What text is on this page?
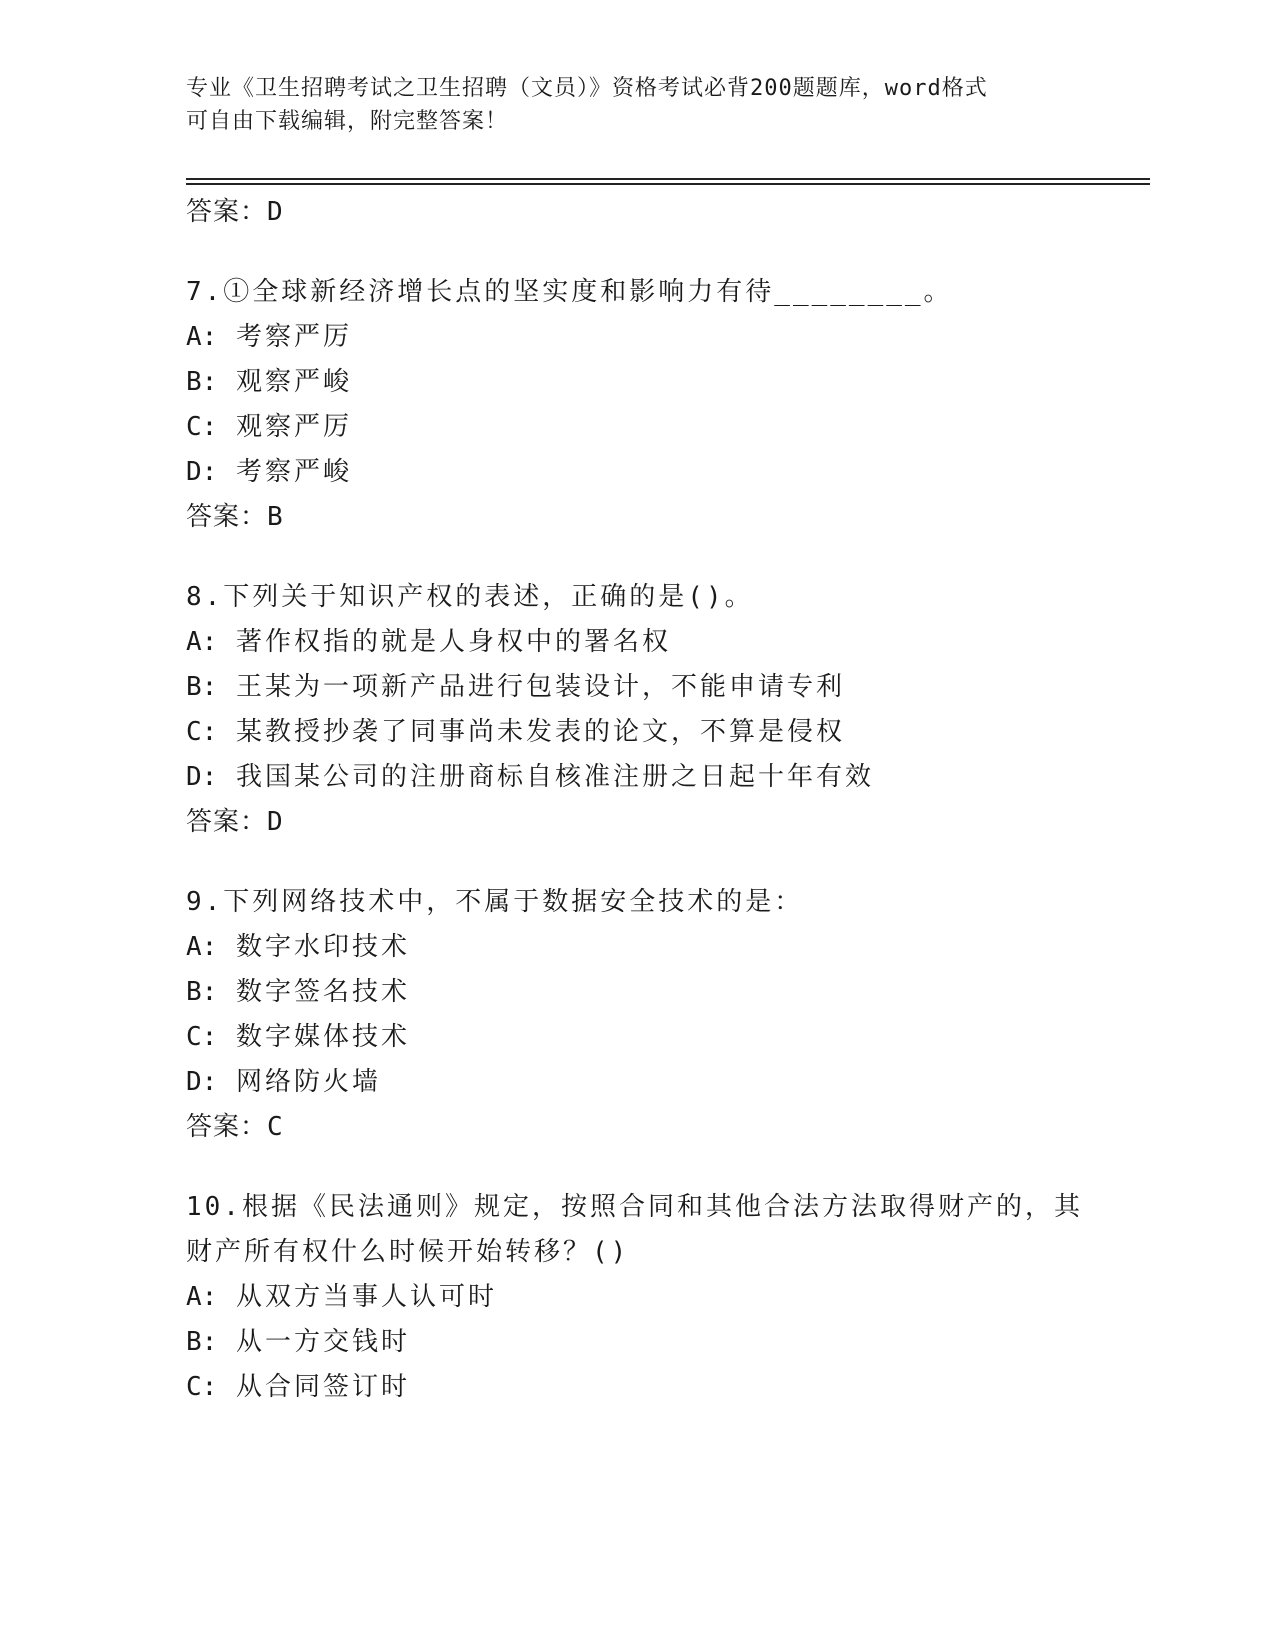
专业《卫生招聘考试之卫生招聘（文员）》资格考试必背200题题库，word格式
可自由下载编辑，附完整答案！
答案：D
7.①全球新经济增长点的坚实度和影响力有待________。
A: 考察严厉
B: 观察严峻
C: 观察严厉
D: 考察严峻
答案：B
8.下列关于知识产权的表述，正确的是()。
A: 著作权指的就是人身权中的署名权
B: 王某为一项新产品进行包装设计，不能申请专利
C: 某教授抄袭了同事尚未发表的论文，不算是侵权
D: 我国某公司的注册商标自核准注册之日起十年有效
答案：D
9.下列网络技术中，不属于数据安全技术的是：
A: 数字水印技术
B: 数字签名技术
C: 数字媒体技术
D: 网络防火墙
答案：C
10.根据《民法通则》规定，按照合同和其他合法方法取得财产的，其
财产所有权什么时候开始转移？()
A: 从双方当事人认可时
B: 从一方交钱时
C: 从合同签订时
